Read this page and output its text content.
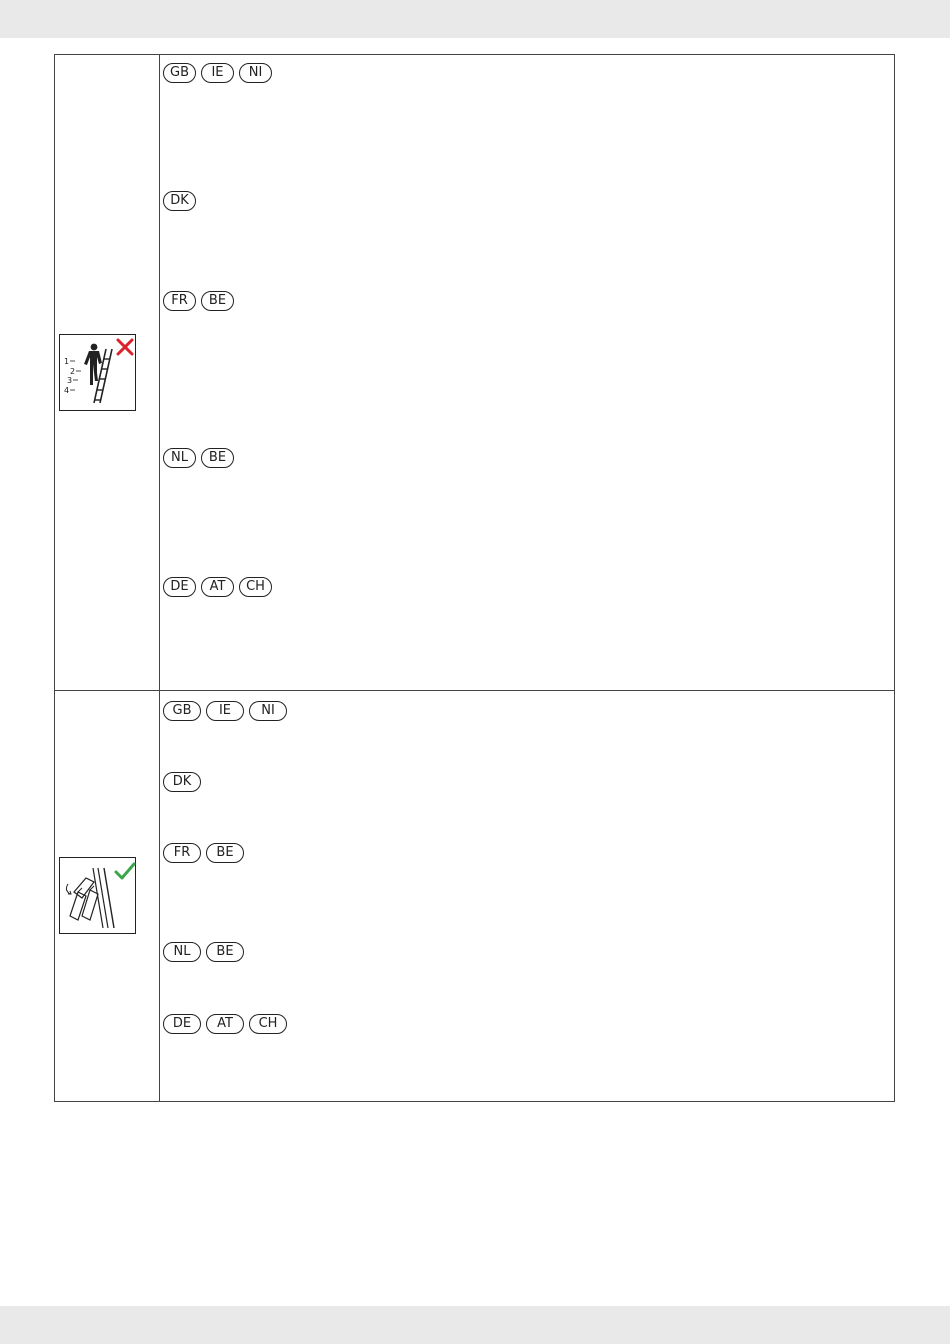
1
2
3
4
GB	IE	NI
DK
FR	BE
NL	BE
DE	AT	CH
GB	IE	NI
DK
FR	BE
NL	BE
DE	AT	CH
